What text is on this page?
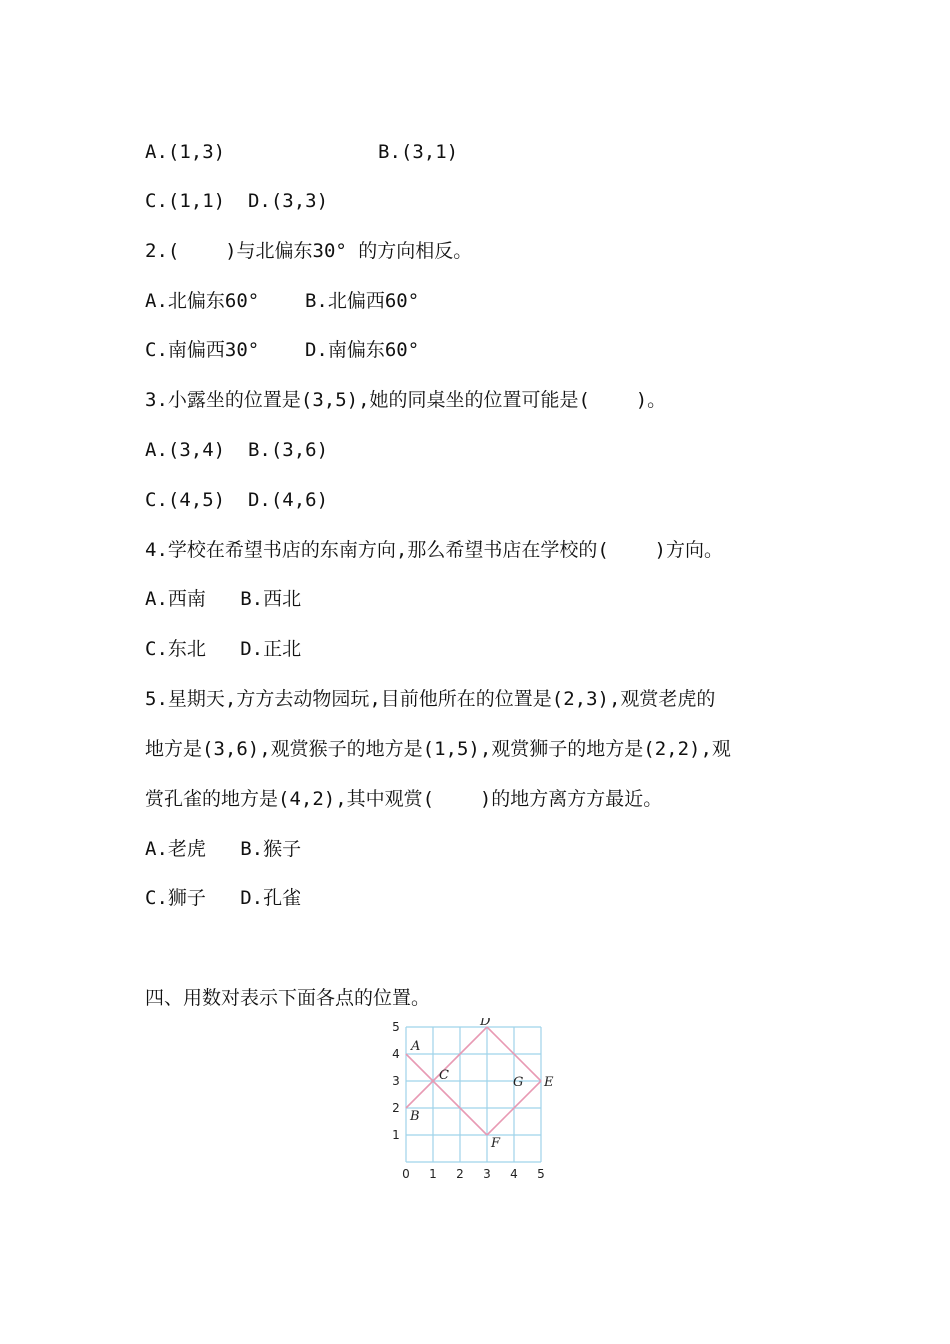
A.(1,3)	B.(3,1)
C.(1,1)  D.(3,3)
2.(    )与北偏东30° 的方向相反。
A.北偏东60°    B.北偏西60°
C.南偏西30°    D.南偏东60°
3.小露坐的位置是(3,5),她的同桌坐的位置可能是(    )。
A.(3,4)  B.(3,6)
C.(4,5)  D.(4,6)
4.学校在希望书店的东南方向,那么希望书店在学校的(    )方向。
A.西南   B.西北
C.东北   D.正北
5.星期天,方方去动物园玩,目前他所在的位置是(2,3),观赏老虎的
地方是(3,6),观赏猴子的地方是(1,5),观赏狮子的地方是(2,2),观
赏孔雀的地方是(4,2),其中观赏(    )的地方离方方最近。
A.老虎   B.猴子
C.狮子   D.孔雀
四、用数对表示下面各点的位置。
0 1 2 3 4 5
1
2
3
4
5
A
B
C
D
E
F
G
